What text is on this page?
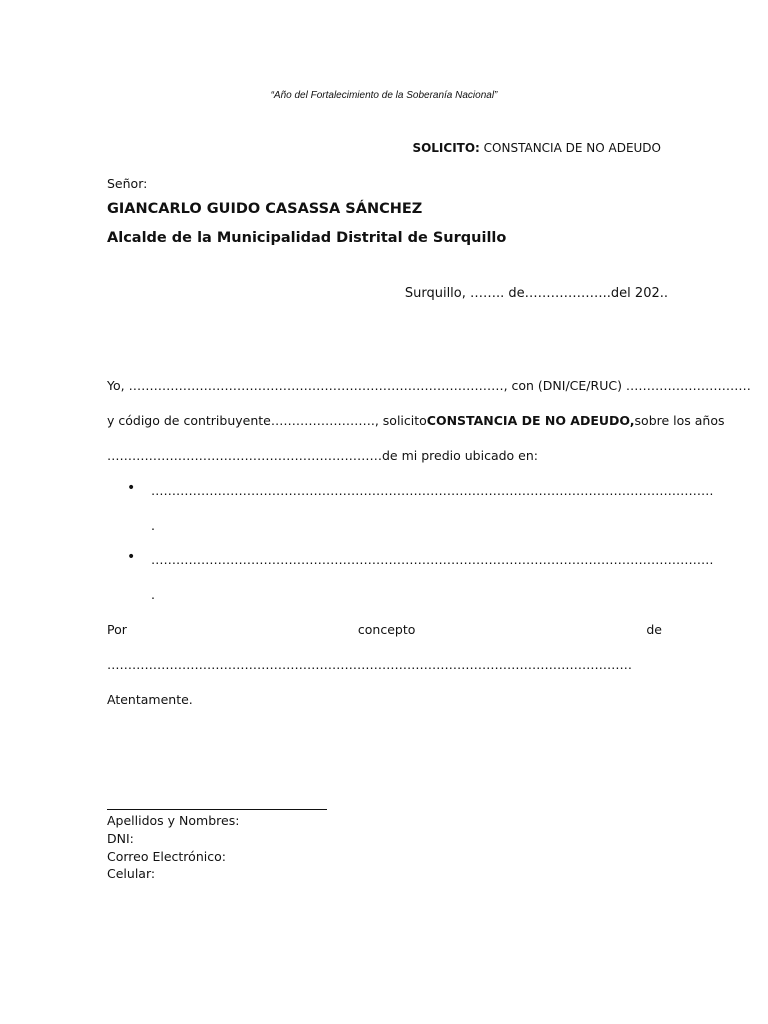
“Año del Fortalecimiento de la Soberanía Nacional”
SOLICITO: CONSTANCIA DE NO ADEUDO
Señor:
GIANCARLO GUIDO CASASSA SÁNCHEZ
Alcalde de la Municipalidad Distrital de Surquillo
Surquillo, …….. de………………..del 202..
Yo, ………………………………………………………………………………, con (DNI/CE/RUC) …………………………
y código de contribuyente……………………., solicito CONSTANCIA DE NO ADEUDO, sobre los años
…………………………………………………………de mi predio ubicado en:
• ………………………………………………………………………………………………………………………
.
• ………………………………………………………………………………………………………………………
.
Por	concepto	de
………………………………………………………………………………………………………………
Atentamente.
Apellidos y Nombres:
DNI:
Correo Electrónico:
Celular:
